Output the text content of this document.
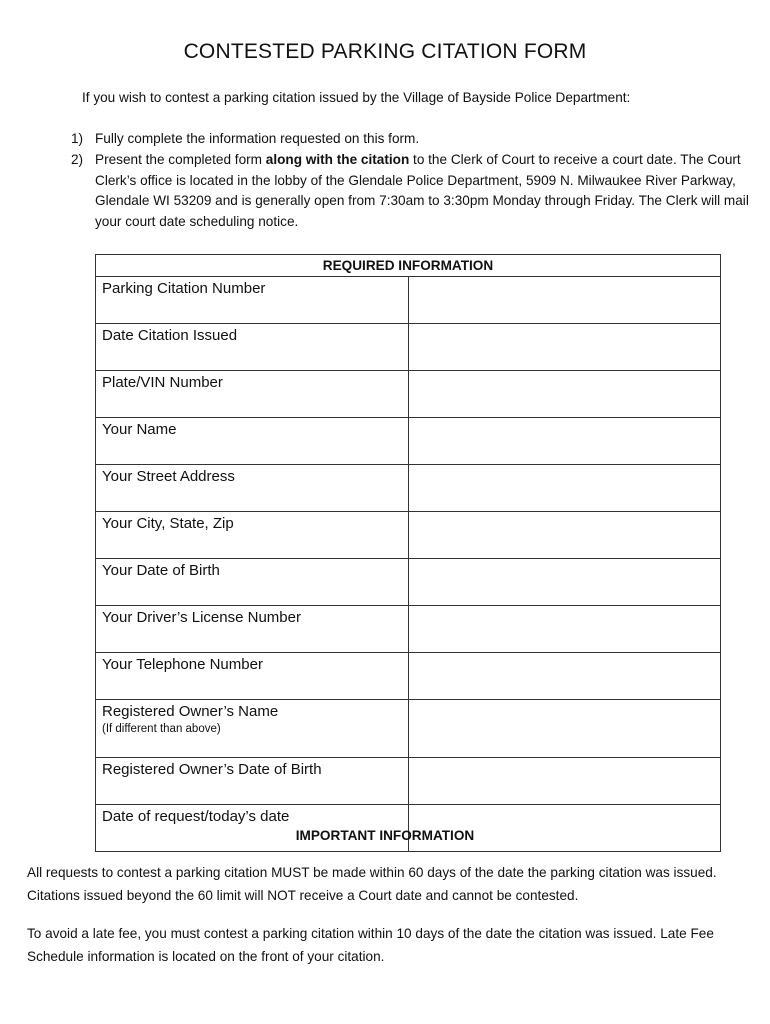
CONTESTED PARKING CITATION FORM
If you wish to contest a parking citation issued by the Village of Bayside Police Department:
1) Fully complete the information requested on this form.
2) Present the completed form along with the citation to the Clerk of Court to receive a court date. The Court Clerk’s office is located in the lobby of the Glendale Police Department, 5909 N. Milwaukee River Parkway, Glendale WI 53209 and is generally open from 7:30am to 3:30pm Monday through Friday. The Clerk will mail your court date scheduling notice.
REQUIRED INFORMATION	
Parking Citation Number	
Date Citation Issued	
Plate/VIN Number	
Your Name	
Your Street Address	
Your City, State, Zip	
Your Date of Birth	
Your Driver’s License Number	
Your Telephone Number	
Registered Owner’s Name
(If different than above)	

Registered Owner’s Date of Birth	
Date of request/today’s date	
IMPORTANT INFORMATION
All requests to contest a parking citation MUST be made within 60 days of the date the parking citation was issued. Citations issued beyond the 60 limit will NOT receive a Court date and cannot be contested.
To avoid a late fee, you must contest a parking citation within 10 days of the date the citation was issued. Late Fee Schedule information is located on the front of your citation.
